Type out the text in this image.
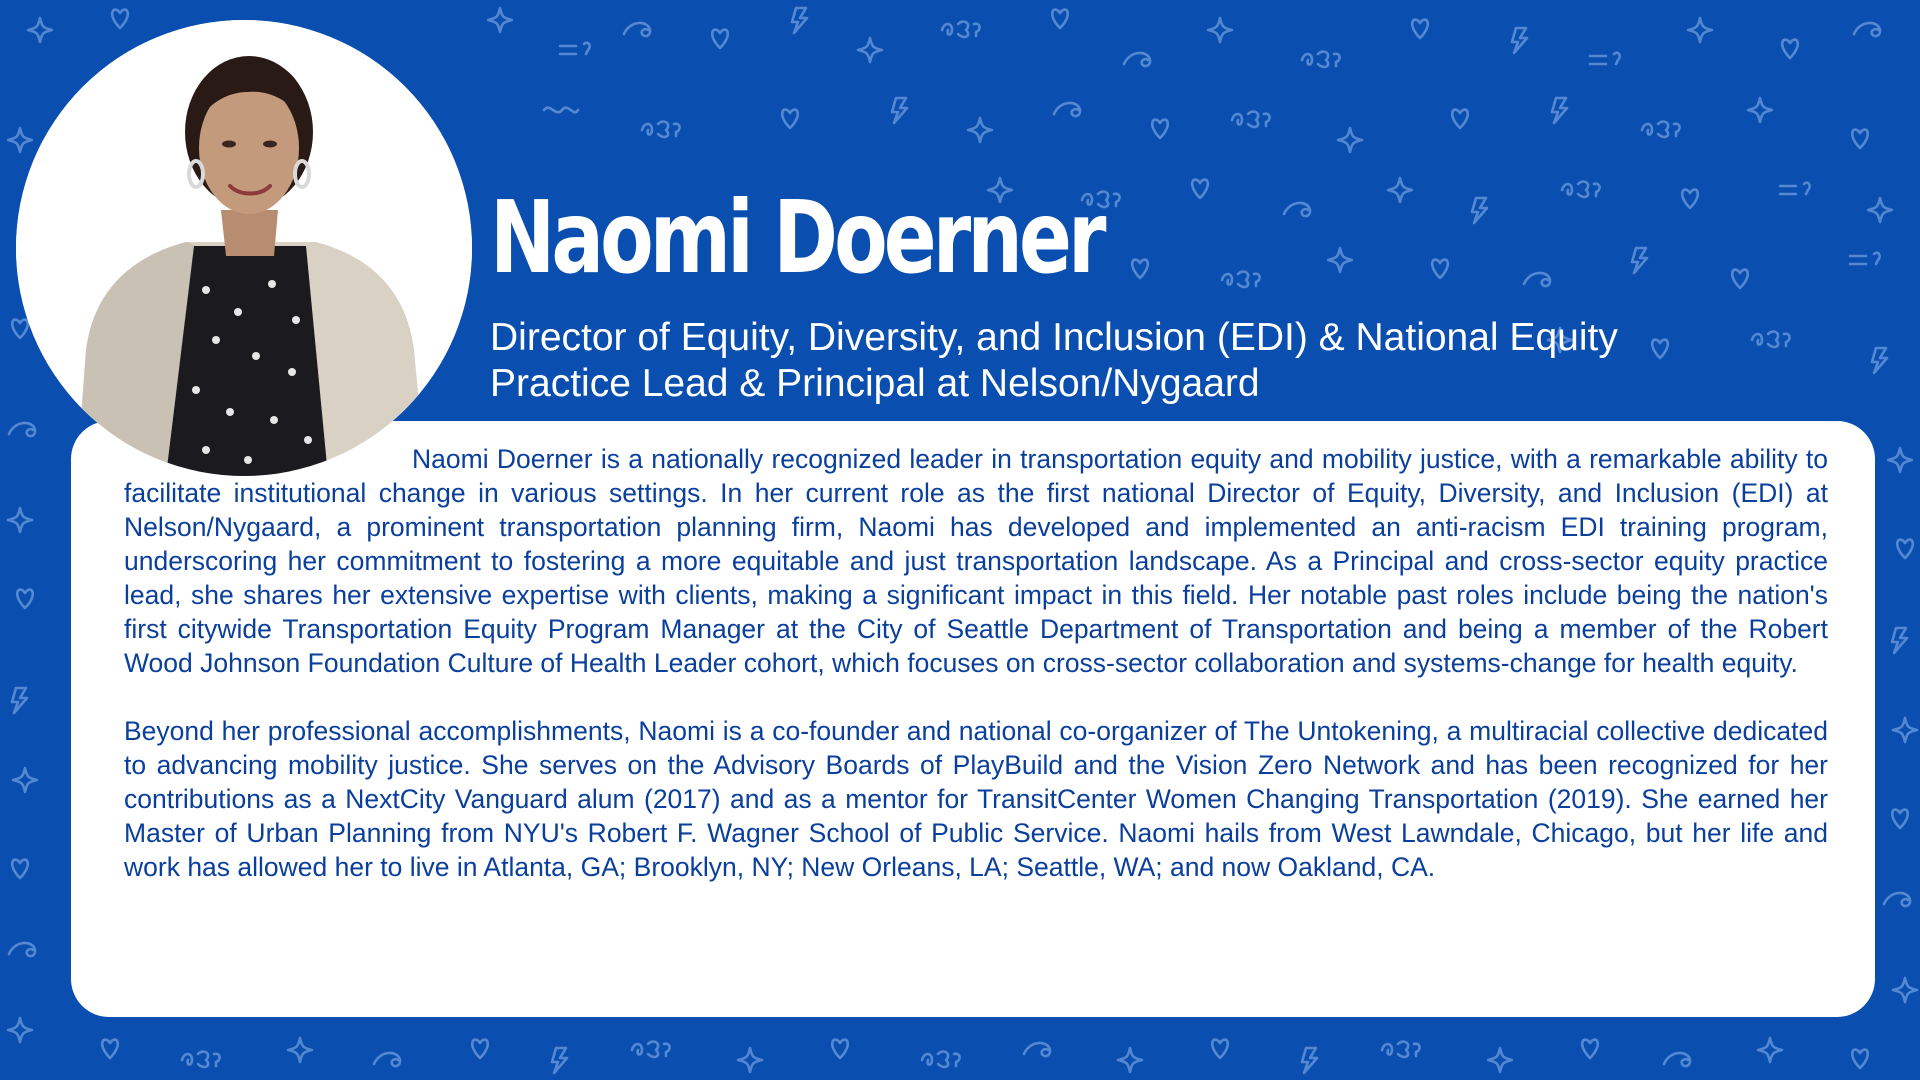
Naomi Doerner

Director of Equity, Diversity, and Inclusion (EDI) & National Equity Practice Lead & Principal at Nelson/Nygaard

Naomi Doerner is a nationally recognized leader in transportation equity and mobility justice, with a remarkable ability to facilitate institutional change in various settings. In her current role as the first national Director of Equity, Diversity, and Inclusion (EDI) at Nelson/Nygaard, a prominent transportation planning firm, Naomi has developed and implemented an anti-racism EDI training program, underscoring her commitment to fostering a more equitable and just transportation landscape. As a Principal and cross-sector equity practice lead, she shares her extensive expertise with clients, making a significant impact in this field. Her notable past roles include being the nation's first citywide Transportation Equity Program Manager at the City of Seattle Department of Transportation and being a member of the Robert Wood Johnson Foundation Culture of Health Leader cohort, which focuses on cross-sector collaboration and systems-change for health equity.

Beyond her professional accomplishments, Naomi is a co-founder and national co-organizer of The Untokening, a multiracial collective dedicated to advancing mobility justice. She serves on the Advisory Boards of PlayBuild and the Vision Zero Network and has been recognized for her contributions as a NextCity Vanguard alum (2017) and as a mentor for TransitCenter Women Changing Transportation (2019). She earned her Master of Urban Planning from NYU's Robert F. Wagner School of Public Service. Naomi hails from West Lawndale, Chicago, but her life and work has allowed her to live in Atlanta, GA; Brooklyn, NY; New Orleans, LA; Seattle, WA; and now Oakland, CA.
